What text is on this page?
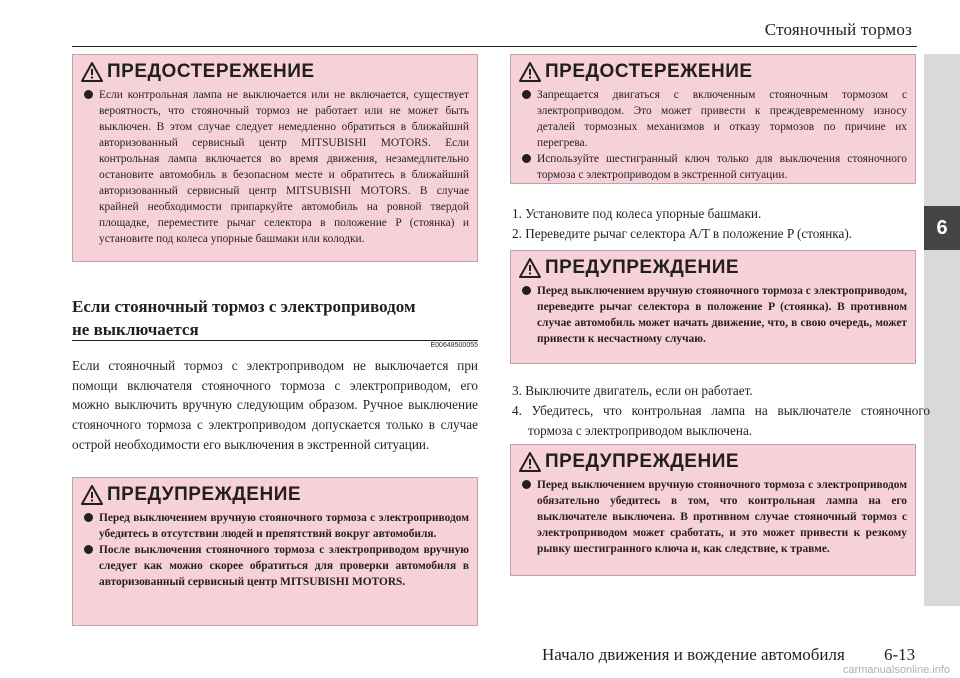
Стояночный тормоз
6
ПРЕДОСТЕРЕЖЕНИЕ
Если контрольная лампа не выключается или не включается, существует вероятность, что стояночный тормоз не работает или не может быть выключен. В этом случае следует немедленно обратиться в ближайший авторизованный сервисный центр MITSUBISHI MOTORS. Если контрольная лампа включается во время движения, незамедлительно остановите автомобиль в безопасном месте и обратитесь в ближайший авторизованный сервисный центр MITSUBISHI MOTORS. В случае крайней необходимости припаркуйте автомобиль на ровной твердой площадке, переместите рычаг селектора в положение P (стоянка) и установите под колеса упорные башмаки или колодки.
Если стояночный тормоз с электроприводом
не выключается
E00648500055
Если стояночный тормоз с электроприводом не выключается при помощи включателя стояночного тормоза с электроприводом, его можно выключить вручную следующим образом. Ручное выключение стояночного тормоза с электроприводом допускается только в случае острой необходимости его выключения в экстренной ситуации.
ПРЕДУПРЕЖДЕНИЕ
Перед выключением вручную стояночного тормоза с электроприводом убедитесь в отсутствии людей и препятствий вокруг автомобиля.
После выключения стояночного тормоза с электроприводом вручную следует как можно скорее обратиться для проверки автомобиля в авторизованный сервисный центр MITSUBISHI MOTORS.
ПРЕДОСТЕРЕЖЕНИЕ
Запрещается двигаться с включенным стояночным тормозом с электроприводом. Это может привести к преждевременному износу деталей тормозных механизмов и отказу тормозов по причине их перегрева.
Используйте шестигранный ключ только для выключения стояночного тормоза с электроприводом в экстренной ситуации.
1. Установите под колеса упорные башмаки.
2. Переведите рычаг селектора A/T в положение P (стоянка).
ПРЕДУПРЕЖДЕНИЕ
Перед выключением вручную стояночного тормоза с электроприводом, переведите рычаг селектора в положение P (стоянка). В противном случае автомобиль может начать движение, что, в свою очередь, может привести к несчастному случаю.
3. Выключите двигатель, если он работает.
4. Убедитесь, что контрольная лампа на выключателе стояночного тормоза с электроприводом выключена.
ПРЕДУПРЕЖДЕНИЕ
Перед выключением вручную стояночного тормоза с электроприводом обязательно убедитесь в том, что контрольная лампа на его выключателе выключена. В противном случае стояночный тормоз с электроприводом может сработать, и это может привести к резкому рывку шестигранного ключа и, как следствие, к травме.
Начало движения и вождение автомобиля 6-13
carmanualsonline.info
